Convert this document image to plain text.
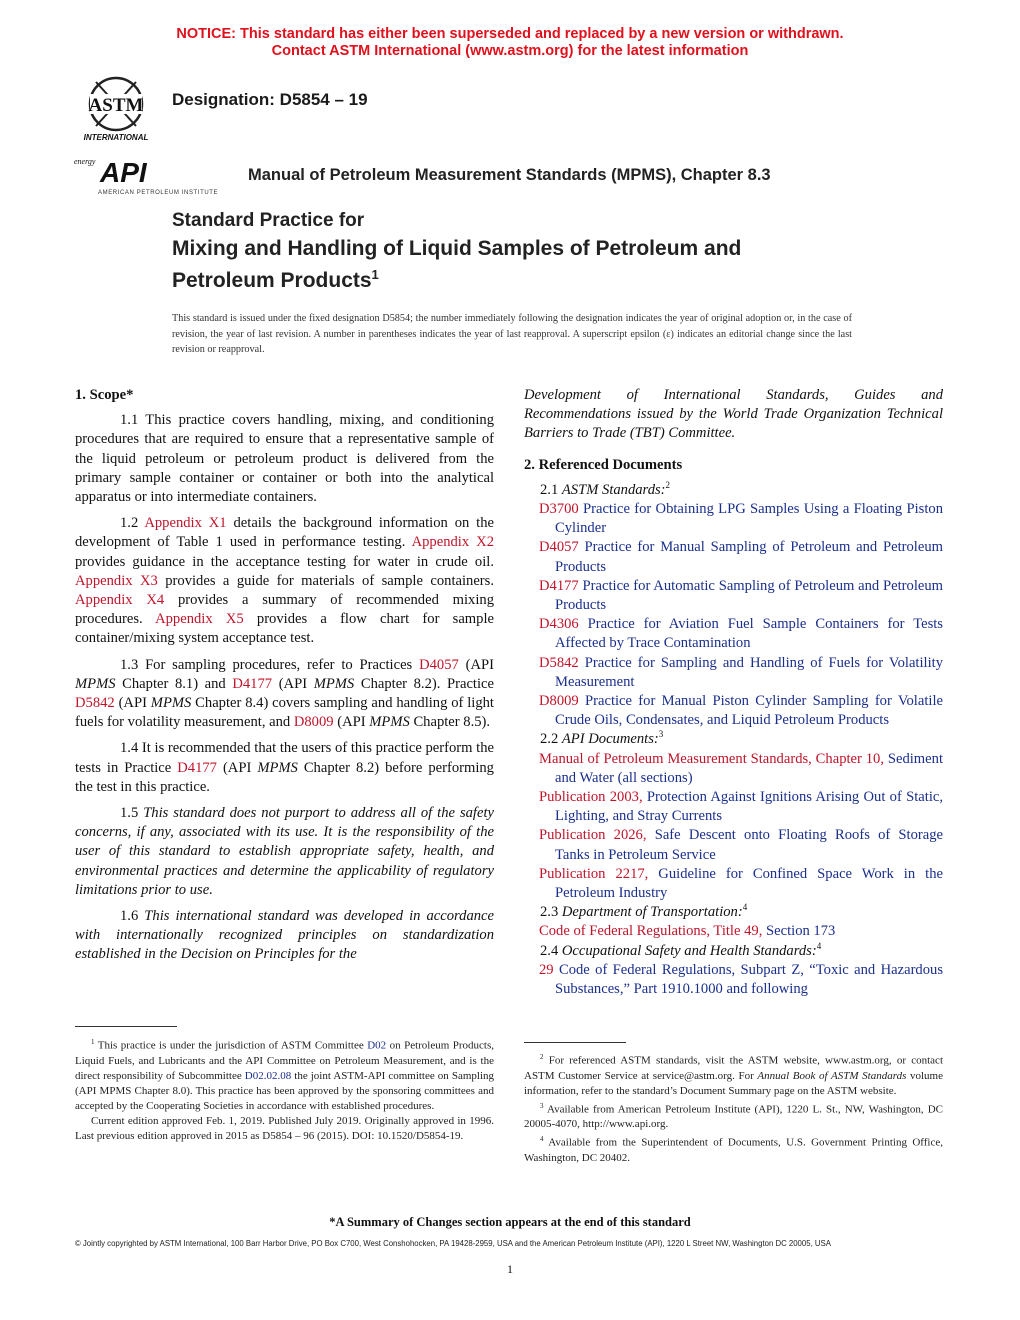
NOTICE: This standard has either been superseded and replaced by a new version or withdrawn.
Contact ASTM International (www.astm.org) for the latest information
ASTM
INTERNATIONAL
Designation: D5854 – 19
energy API
AMERICAN PETROLEUM INSTITUTE
Manual of Petroleum Measurement Standards (MPMS), Chapter 8.3
Standard Practice for
Mixing and Handling of Liquid Samples of Petroleum and
Petroleum Products$^1$
This standard is issued under the fixed designation D5854; the number immediately following the designation indicates the year of original adoption or, in the case of revision, the year of last revision. A number in parentheses indicates the year of last reapproval. A superscript epsilon (ε) indicates an editorial change since the last revision or reapproval.
1. Scope*

1.1 This practice covers handling, mixing, and conditioning procedures that are required to ensure that a representative sample of the liquid petroleum or petroleum product is delivered from the primary sample container or container or both into the analytical apparatus or into intermediate containers.

1.2 Appendix X1 details the background information on the development of Table 1 used in performance testing. Appendix X2 provides guidance in the acceptance testing for water in crude oil. Appendix X3 provides a guide for materials of sample containers. Appendix X4 provides a summary of recommended mixing procedures. Appendix X5 provides a flow chart for sample container/mixing system acceptance test.

1.3 For sampling procedures, refer to Practices D4057 (API MPMS Chapter 8.1) and D4177 (API MPMS Chapter 8.2). Practice D5842 (API MPMS Chapter 8.4) covers sampling and handling of light fuels for volatility measurement, and D8009 (API MPMS Chapter 8.5).

1.4 It is recommended that the users of this practice perform the tests in Practice D4177 (API MPMS Chapter 8.2) before performing the test in this practice.

1.5 This standard does not purport to address all of the safety concerns, if any, associated with its use. It is the responsibility of the user of this standard to establish appropriate safety, health, and environmental practices and determine the applicability of regulatory limitations prior to use.

1.6 This international standard was developed in accordance with internationally recognized principles on standardization established in the Decision on Principles for the

Development of International Standards, Guides and Recommendations issued by the World Trade Organization Technical Barriers to Trade (TBT) Committee.

2. Referenced Documents
2.1 ASTM Standards:$^2$
D3700 Practice for Obtaining LPG Samples Using a Floating Piston Cylinder
D4057 Practice for Manual Sampling of Petroleum and Petroleum Products
D4177 Practice for Automatic Sampling of Petroleum and Petroleum Products
D4306 Practice for Aviation Fuel Sample Containers for Tests Affected by Trace Contamination
D5842 Practice for Sampling and Handling of Fuels for Volatility Measurement
D8009 Practice for Manual Piston Cylinder Sampling for Volatile Crude Oils, Condensates, and Liquid Petroleum Products
2.2 API Documents:$^3$
Manual of Petroleum Measurement Standards, Chapter 10, Sediment and Water (all sections)
Publication 2003, Protection Against Ignitions Arising Out of Static, Lighting, and Stray Currents
Publication 2026, Safe Descent onto Floating Roofs of Storage Tanks in Petroleum Service
Publication 2217, Guideline for Confined Space Work in the Petroleum Industry
2.3 Department of Transportation:$^4$
Code of Federal Regulations, Title 49, Section 173
2.4 Occupational Safety and Health Standards:$^4$
29 Code of Federal Regulations, Subpart Z, “Toxic and Hazardous Substances,” Part 1910.1000 and following

$^1$ This practice is under the jurisdiction of ASTM Committee D02 on Petroleum Products, Liquid Fuels, and Lubricants and the API Committee on Petroleum Measurement, and is the direct responsibility of Subcommittee D02.02.08 the joint ASTM-API committee on Sampling (API MPMS Chapter 8.0). This practice has been approved by the sponsoring committees and accepted by the Cooperating Societies in accordance with established procedures.

Current edition approved Feb. 1, 2019. Published July 2019. Originally approved in 1996. Last previous edition approved in 2015 as D5854 – 96 (2015). DOI: 10.1520/D5854-19.

$^2$ For referenced ASTM standards, visit the ASTM website, www.astm.org, or contact ASTM Customer Service at service@astm.org. For Annual Book of ASTM Standards volume information, refer to the standard’s Document Summary page on the ASTM website.

$^3$ Available from American Petroleum Institute (API), 1220 L. St., NW, Washington, DC 20005-4070, http://www.api.org.

$^4$ Available from the Superintendent of Documents, U.S. Government Printing Office, Washington, DC 20402.

*A Summary of Changes section appears at the end of this standard
© Jointly copyrighted by ASTM International, 100 Barr Harbor Drive, PO Box C700, West Conshohocken, PA 19428-2959, USA and the American Petroleum Institute (API), 1220 L Street NW, Washington DC 20005, USA
1
